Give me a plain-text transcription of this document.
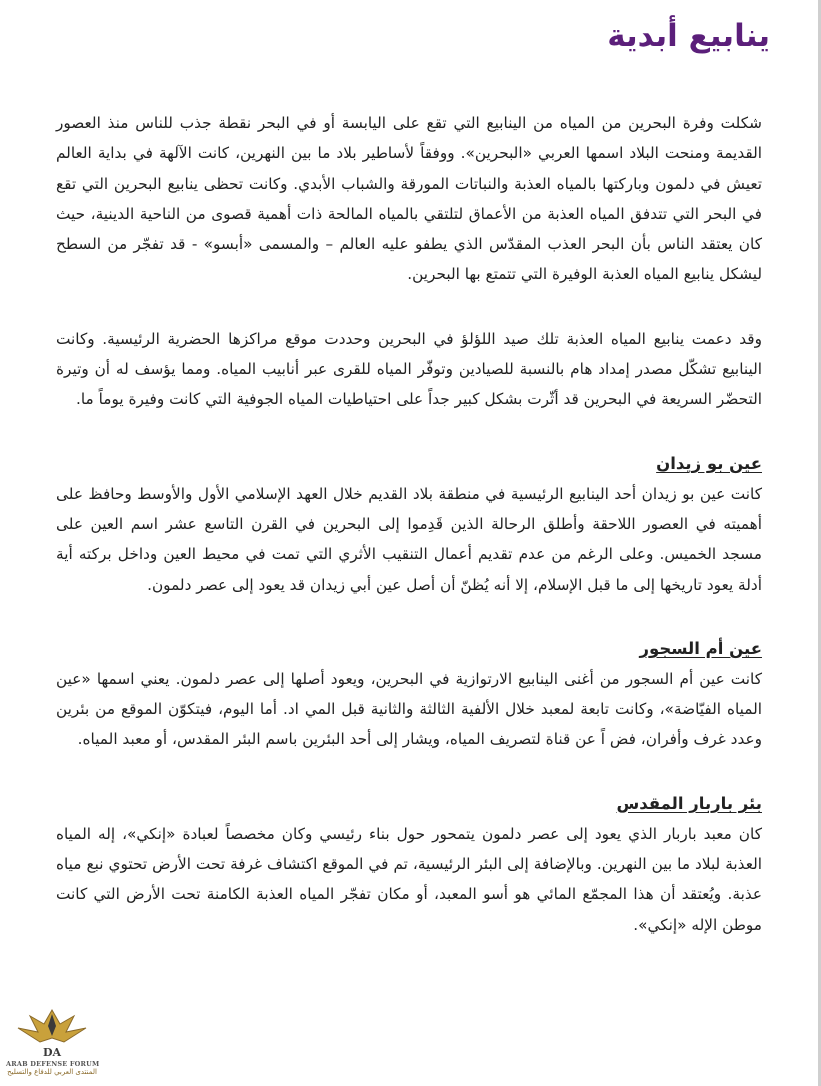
ينابيع أبدية

شكلت وفرة البحرين من المياه من الينابيع التي تقع على اليابسة أو في البحر نقطة جذب للناس منذ العصور القديمة ومنحت البلاد اسمها العربي «البحرين». ووفقاً لأساطير بلاد ما بين النهرين، كانت الآلهة في بداية العالم تعيش في دلمون وباركتها بالمياه العذبة والنباتات المورقة والشباب الأبدي. وكانت تحظى ينابيع البحرين التي تقع في البحر التي تتدفق المياه العذبة من الأعماق لتلتقي بالمياه المالحة ذات أهمية قصوى من الناحية الدينية، حيث كان يعتقد الناس بأن البحر العذب المقدّس الذي يطفو عليه العالم – والمسمى «أبسو» - قد تفجّر من السطح ليشكل ينابيع المياه العذبة الوفيرة التي تتمتع بها البحرين.

وقد دعمت ينابيع المياه العذبة تلك صيد اللؤلؤ في البحرين وحددت موقع مراكزها الحضرية الرئيسية. وكانت الينابيع تشكّل مصدر إمداد هام بالنسبة للصيادين وتوفّر المياه للقرى عبر أنابيب المياه. ومما يؤسف له أن وتيرة التحضّر السريعة في البحرين قد أثّرت بشكل كبير جداً على احتياطيات المياه الجوفية التي كانت وفيرة يوماً ما.

عين بو زيدان

كانت عين بو زيدان أحد الينابيع الرئيسية في منطقة بلاد القديم خلال العهد الإسلامي الأول والأوسط وحافظ على أهميته في العصور اللاحقة وأطلق الرحالة الذين قَدِموا إلى البحرين في القرن التاسع عشر اسم العين على مسجد الخميس. وعلى الرغم من عدم تقديم أعمال التنقيب الأثري التي تمت في محيط العين وداخل بركته أية أدلة يعود تاريخها إلى ما قبل الإسلام، إلا أنه يُظنّ أن أصل عين أبي زيدان قد يعود إلى عصر دلمون.

عين أم السجور

كانت عين أم السجور من أغنى الينابيع الارتوازية في البحرين، ويعود أصلها إلى عصر دلمون. يعني اسمها «عين المياه الفيّاضة»، وكانت تابعة لمعبد خلال الألفية الثالثة والثانية قبل المي اد. أما اليوم، فيتكوّن الموقع من بئرين وعدد غرف وأفران، فض اً عن قناة لتصريف المياه، ويشار إلى أحد البئرين باسم البئر المقدس، أو معبد المياه.

بئر باربار المقدس

كان معبد باربار الذي يعود إلى عصر دلمون يتمحور حول بناء رئيسي وكان مخصصاً لعبادة «إنكي»، إله المياه العذبة لبلاد ما بين النهرين. وبالإضافة إلى البئر الرئيسية، تم في الموقع اكتشاف غرفة تحت الأرض تحتوي نبع مياه عذبة. ويُعتقد أن هذا المجمّع المائي هو أسو المعبد، أو مكان تفجّر المياه العذبة الكامنة تحت الأرض التي كانت موطن الإله «إنكي».

DA
ARAB DEFENSE FORUM
المنتدى العربي للدفاع والتسليح
